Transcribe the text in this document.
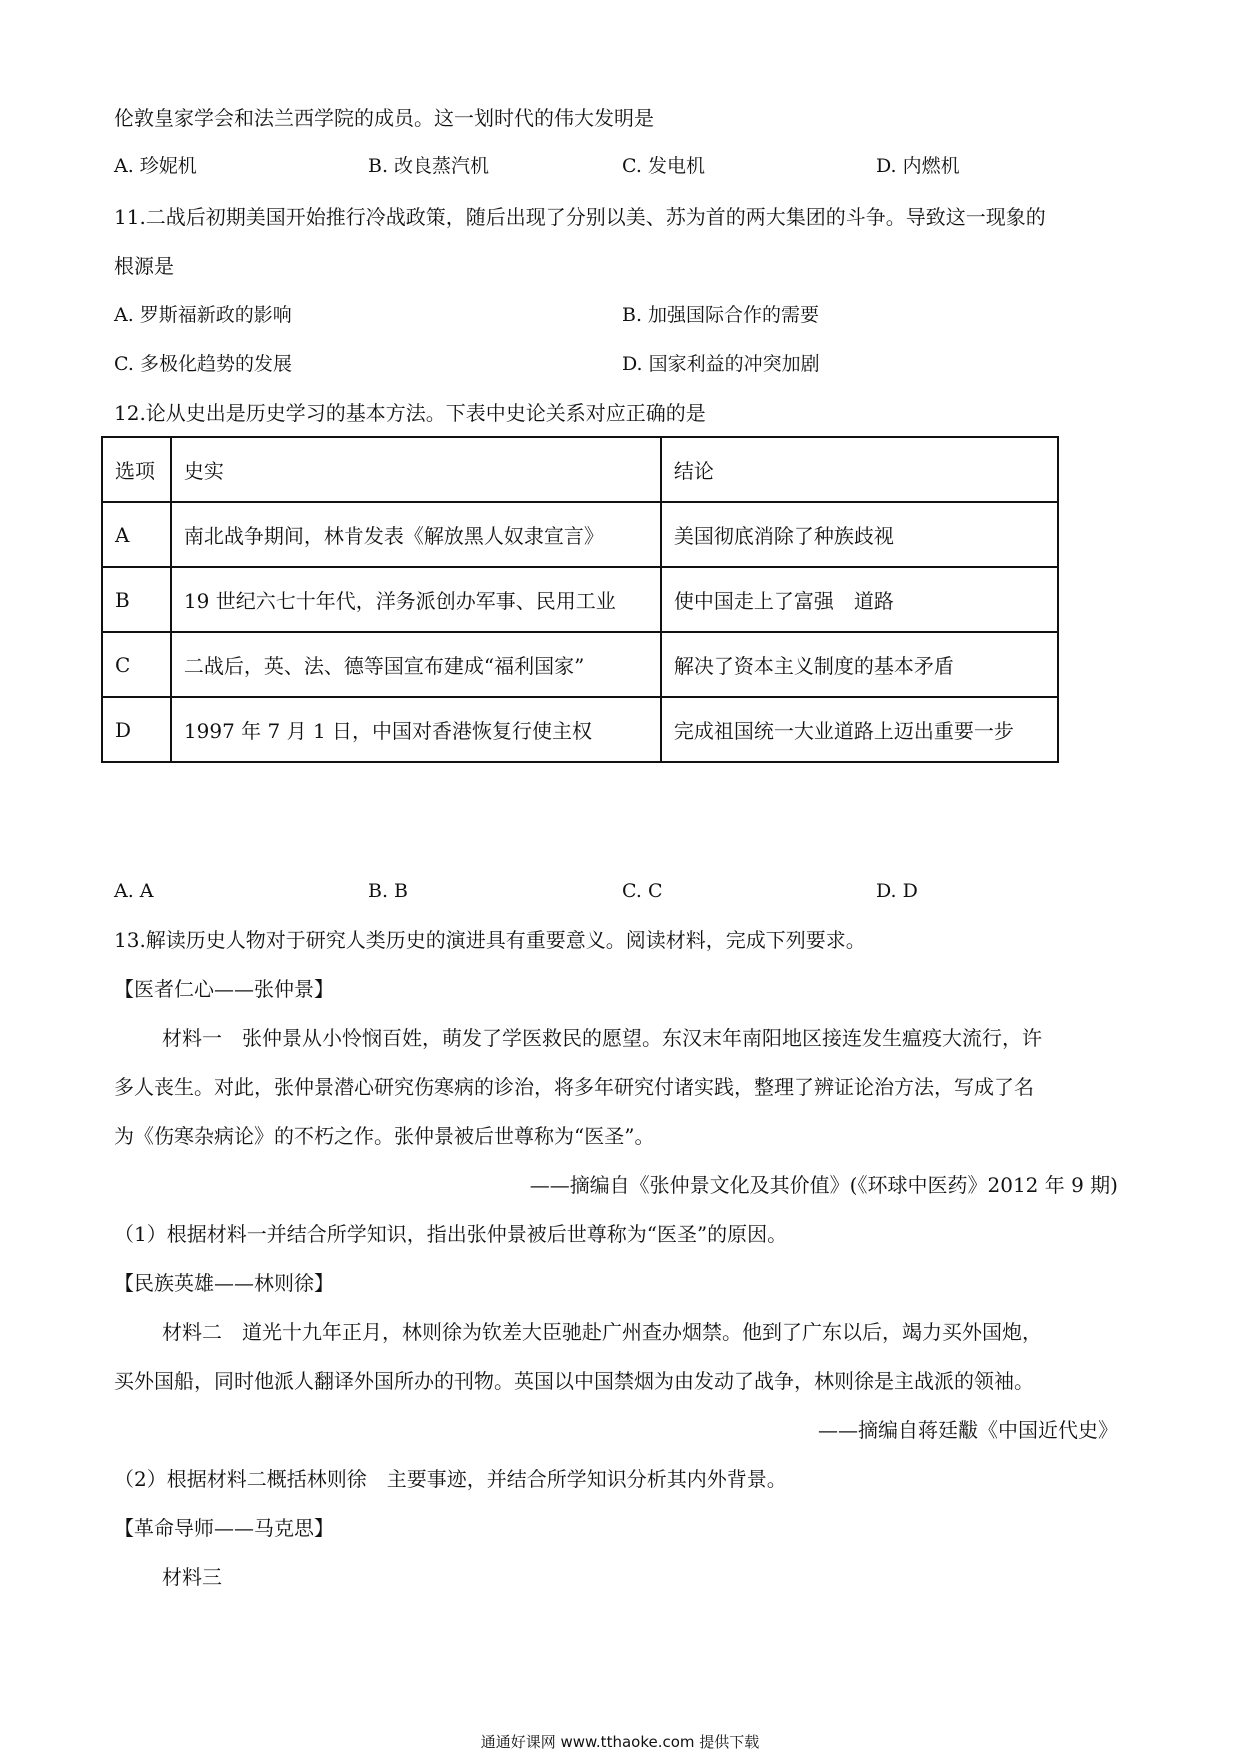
伦敦皇家学会和法兰西学院的成员。这一划时代的伟大发明是
A. 珍妮机	B. 改良蒸汽机	C. 发电机	D. 内燃机
11.二战后初期美国开始推行冷战政策，随后出现了分别以美、苏为首的两大集团的斗争。导致这一现象的
根源是
A. 罗斯福新政的影响	B. 加强国际合作的需要
C. 多极化趋势的发展	D. 国家利益的冲突加剧
12.论从史出是历史学习的基本方法。下表中史论关系对应正确的是
选项	史实	结论
A	南北战争期间，林肯发表《解放黑人奴隶宣言》	美国彻底消除了种族歧视
B	19 世纪六七十年代，洋务派创办军事、民用工业	使中国走上了富强　道路
C	二战后，英、法、德等国宣布建成“福利国家”	解决了资本主义制度的基本矛盾
D	1997 年 7 月 1 日，中国对香港恢复行使主权	完成祖国统一大业道路上迈出重要一步
A. A	B. B	C. C	D. D
13.解读历史人物对于研究人类历史的演进具有重要意义。阅读材料，完成下列要求。
【医者仁心——张仲景】
材料一　张仲景从小怜悯百姓，萌发了学医救民的愿望。东汉末年南阳地区接连发生瘟疫大流行，许
多人丧生。对此，张仲景潜心研究伤寒病的诊治，将多年研究付诸实践，整理了辨证论治方法，写成了名
为《伤寒杂病论》的不朽之作。张仲景被后世尊称为“医圣”。
——摘编自《张仲景文化及其价值》(《环球中医药》2012 年 9 期)
（1）根据材料一并结合所学知识，指出张仲景被后世尊称为“医圣”的原因。
【民族英雄——林则徐】
材料二　道光十九年正月，林则徐为钦差大臣驰赴广州查办烟禁。他到了广东以后，竭力买外国炮，
买外国船，同时他派人翻译外国所办的刊物。英国以中国禁烟为由发动了战争，林则徐是主战派的领袖。
——摘编自蒋廷黻《中国近代史》
（2）根据材料二概括林则徐　主要事迹，并结合所学知识分析其内外背景。
【革命导师——马克思】
材料三
通通好课网 www.tthaoke.com 提供下载
